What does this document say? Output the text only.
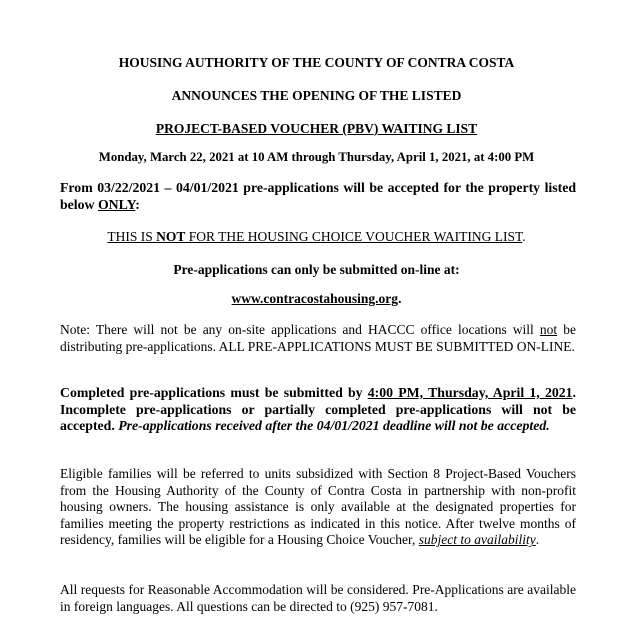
HOUSING AUTHORITY OF THE COUNTY OF CONTRA COSTA
ANNOUNCES THE OPENING OF THE LISTED
PROJECT-BASED VOUCHER (PBV) WAITING LIST
Monday, March 22, 2021 at 10 AM through Thursday, April 1, 2021, at 4:00 PM
From 03/22/2021 – 04/01/2021 pre-applications will be accepted for the property listed below ONLY:
THIS IS NOT FOR THE HOUSING CHOICE VOUCHER WAITING LIST.
Pre-applications can only be submitted on-line at:
www.contracostahousing.org.
Note: There will not be any on-site applications and HACCC office locations will not be distributing pre-applications. ALL PRE-APPLICATIONS MUST BE SUBMITTED ON-LINE.
Completed pre-applications must be submitted by 4:00 PM, Thursday, April 1, 2021. Incomplete pre-applications or partially completed pre-applications will not be accepted. Pre-applications received after the 04/01/2021 deadline will not be accepted.
Eligible families will be referred to units subsidized with Section 8 Project-Based Vouchers from the Housing Authority of the County of Contra Costa in partnership with non-profit housing owners. The housing assistance is only available at the designated properties for families meeting the property restrictions as indicated in this notice. After twelve months of residency, families will be eligible for a Housing Choice Voucher, subject to availability.
All requests for Reasonable Accommodation will be considered. Pre-Applications are available in foreign languages. All questions can be directed to (925) 957-7081.
